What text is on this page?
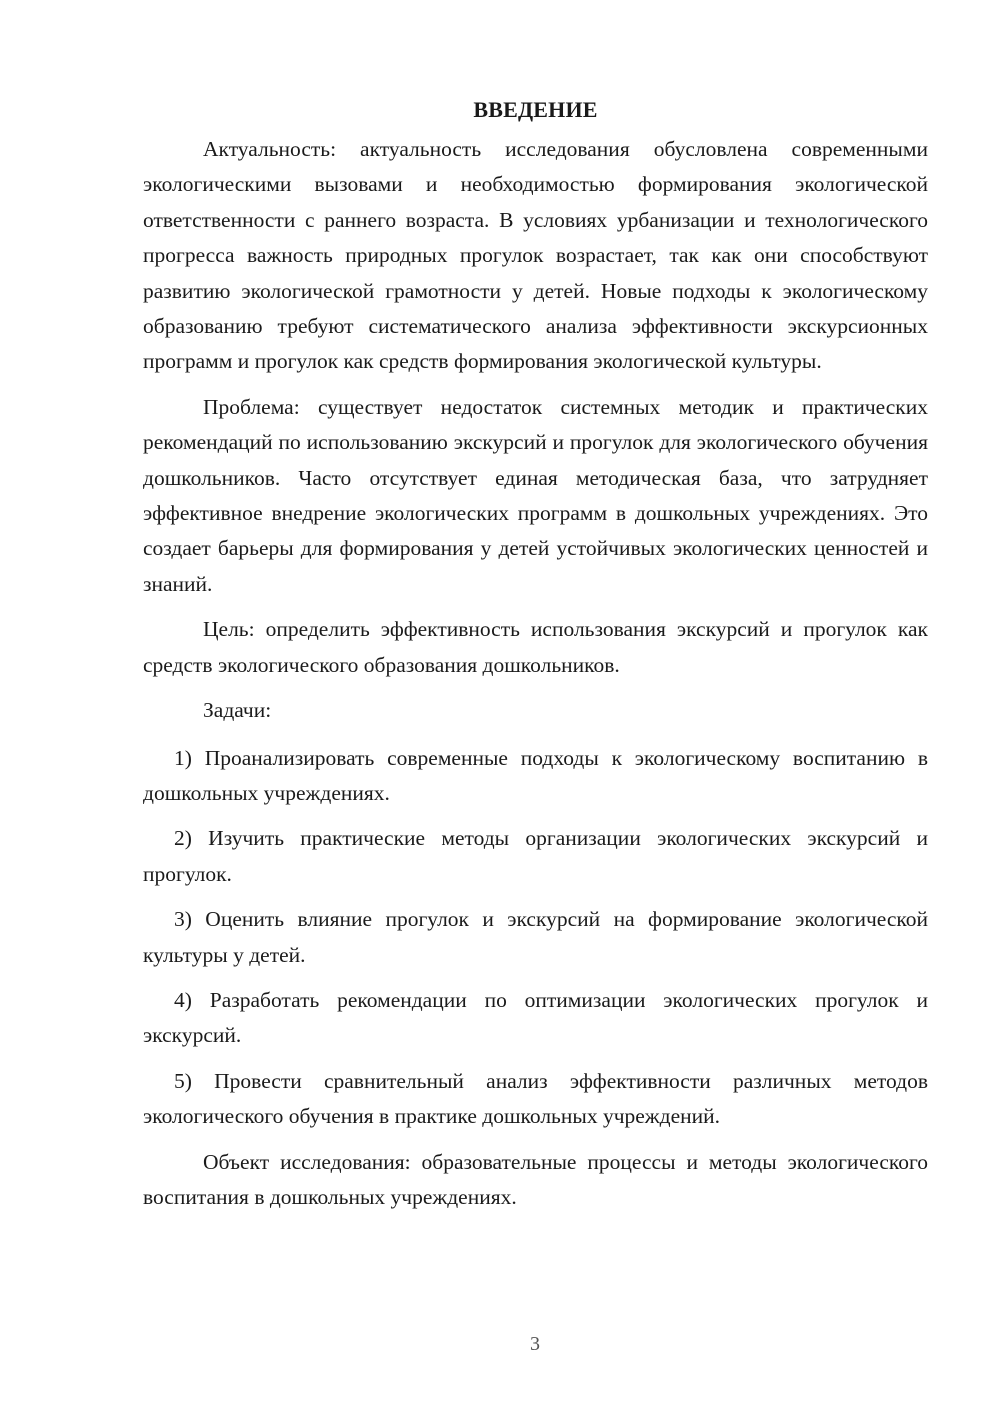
ВВЕДЕНИЕ

Актуальность: актуальность исследования обусловлена современными экологическими вызовами и необходимостью формирования экологической ответственности с раннего возраста. В условиях урбанизации и технологического прогресса важность природных прогулок возрастает, так как они способствуют развитию экологической грамотности у детей. Новые подходы к экологическому образованию требуют систематического анализа эффективности экскурсионных программ и прогулок как средств формирования экологической культуры.

Проблема: существует недостаток системных методик и практических рекомендаций по использованию экскурсий и прогулок для экологического обучения дошкольников. Часто отсутствует единая методическая база, что затрудняет эффективное внедрение экологических программ в дошкольных учреждениях. Это создает барьеры для формирования у детей устойчивых экологических ценностей и знаний.

Цель: определить эффективность использования экскурсий и прогулок как средств экологического образования дошкольников.

Задачи:

1) Проанализировать современные подходы к экологическому воспитанию в дошкольных учреждениях.

2) Изучить практические методы организации экологических экскурсий и прогулок.

3) Оценить влияние прогулок и экскурсий на формирование экологической культуры у детей.

4) Разработать рекомендации по оптимизации экологических прогулок и экскурсий.

5) Провести сравнительный анализ эффективности различных методов экологического обучения в практике дошкольных учреждений.

Объект исследования: образовательные процессы и методы экологического воспитания в дошкольных учреждениях.

3
